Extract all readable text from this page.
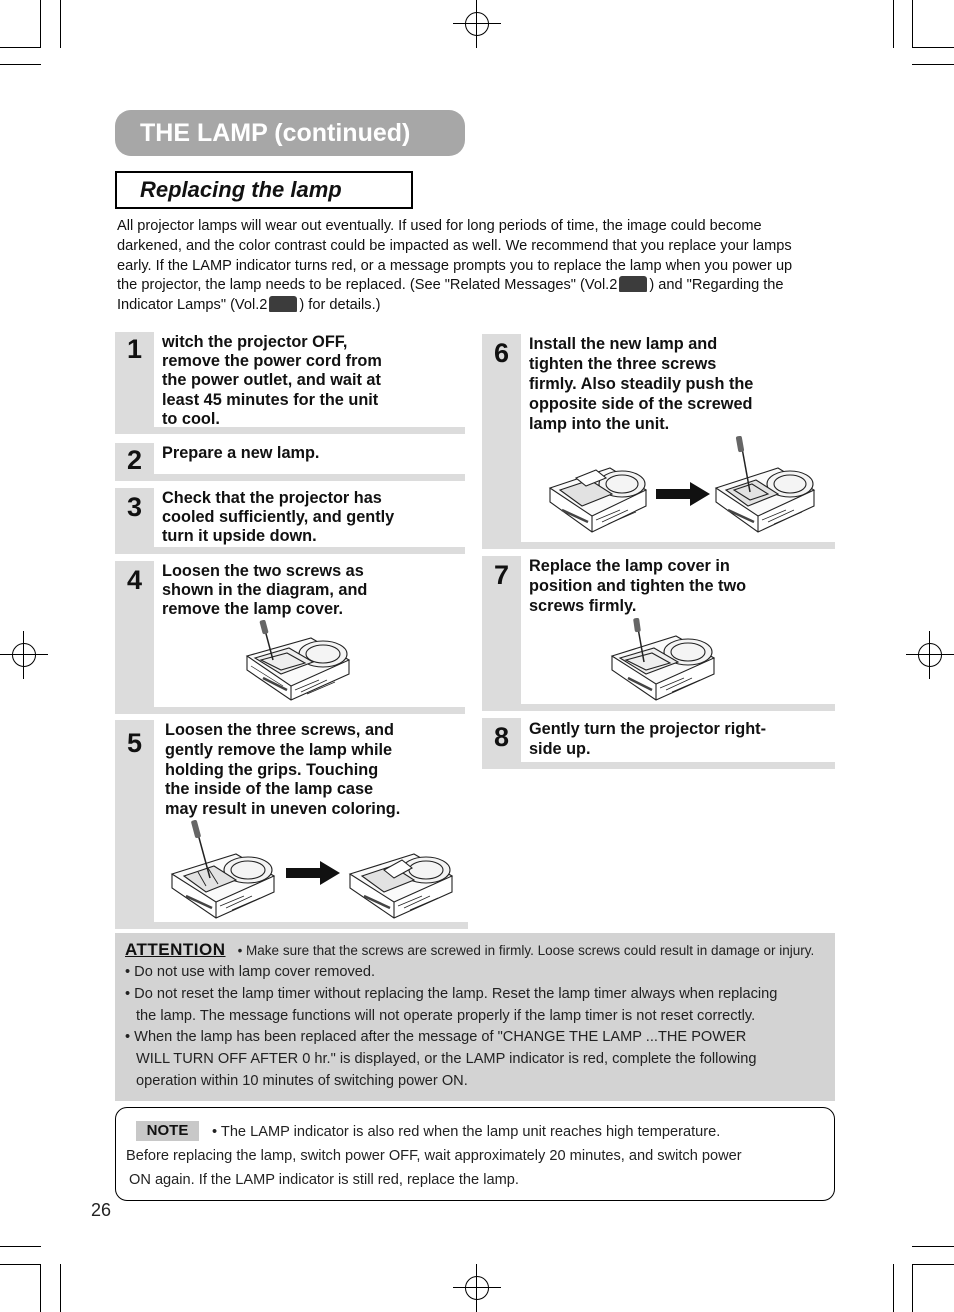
THE LAMP (continued)
Replacing the lamp
All projector lamps will wear out eventually. If used for long periods of time, the image could become
darkened, and the color contrast could be impacted as well. We recommend that you replace your lamps
early. If the LAMP indicator turns red, or a message prompts you to replace the lamp when you power up
the projector, the lamp needs to be replaced. (See "Related Messages" (Vol.2 ) and "Regarding the
Indicator Lamps" (Vol.2 ) for details.)
1	witch the projector OFF,
remove the power cord from
the power outlet, and wait at
least 45 minutes for the unit
to cool.
2	Prepare a new lamp.
3	Check that the projector has
cooled sufficiently, and gently
turn it upside down.
4	Loosen the two screws as
shown in the diagram, and
remove the lamp cover.
5	Loosen the three screws, and
gently remove the lamp while
holding the grips. Touching
the inside of the lamp case
may result in uneven coloring.
6	Install the new lamp and
tighten the three screws
firmly. Also steadily push the
opposite side of the screwed
lamp into the unit.
7	Replace the lamp cover in
position and tighten the two
screws firmly.
8	Gently turn the projector right-
side up.
ATTENTION • Make sure that the screws are screwed in firmly. Loose screws could result in damage or injury.
• Do not use with lamp cover removed.
• Do not reset the lamp timer without replacing the lamp. Reset the lamp timer always when replacing
the lamp. The message functions will not operate properly if the lamp timer is not reset correctly.
• When the lamp has been replaced after the message of "CHANGE THE LAMP ...THE POWER
WILL TURN OFF AFTER 0 hr." is displayed, or the LAMP indicator is red, complete the following
operation within 10 minutes of switching power ON.
NOTE	• The LAMP indicator is also red when the lamp unit reaches high temperature.
Before replacing the lamp, switch power OFF, wait approximately 20 minutes, and switch power
ON again. If the LAMP indicator is still red, replace the lamp.
26
